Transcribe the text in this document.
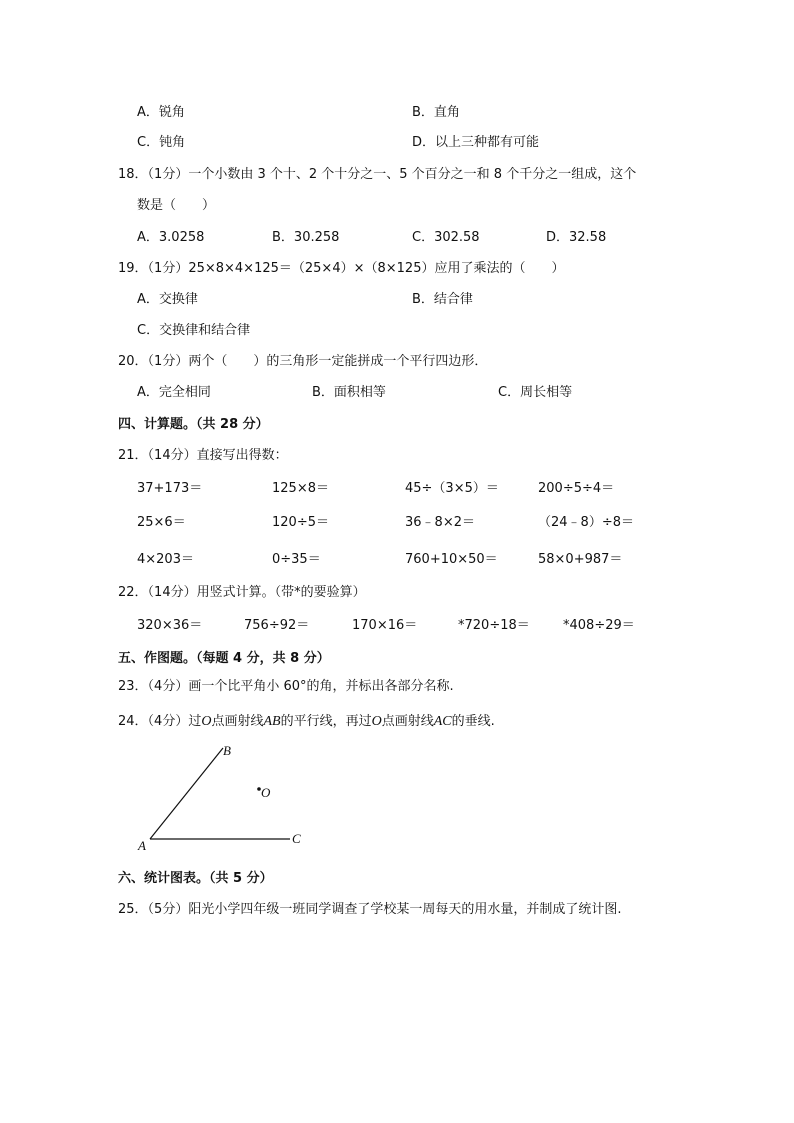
A．锐角	B．直角
C．钝角	D．以上三种都有可能
18．（1分）一个小数由 3 个十、2 个十分之一、5 个百分之一和 8 个千分之一组成，这个
数是（　　）
A．3.0258	B．30.258	C．302.58	D．32.58
19．（1分）25×8×4×125＝（25×4）×（8×125）应用了乘法的（　　）
A．交换律	B．结合律
C．交换律和结合律
20．（1分）两个（　　）的三角形一定能拼成一个平行四边形．
A．完全相同	B．面积相等	C．周长相等
四、计算题。（共 28 分）
21．（14分）直接写出得数：
37+173＝	125×8＝	45÷（3×5）＝	200÷5÷4＝
25×6＝	120÷5＝	36﹣8×2＝	（24﹣8）÷8＝
4×203＝	0÷35＝	760+10×50＝	58×0+987＝
22．（14分）用竖式计算。（带*的要验算）
320×36＝	756÷92＝	170×16＝	*720÷18＝	*408÷29＝
五、作图题。（每题 4 分，共 8 分）
23．（4分）画一个比平角小 60°的角，并标出各部分名称.
24．（4分）过O点画射线AB的平行线，再过O点画射线AC的垂线.
A
B
C
O
六、统计图表。（共 5 分）
25．（5分）阳光小学四年级一班同学调查了学校某一周每天的用水量，并制成了统计图.
